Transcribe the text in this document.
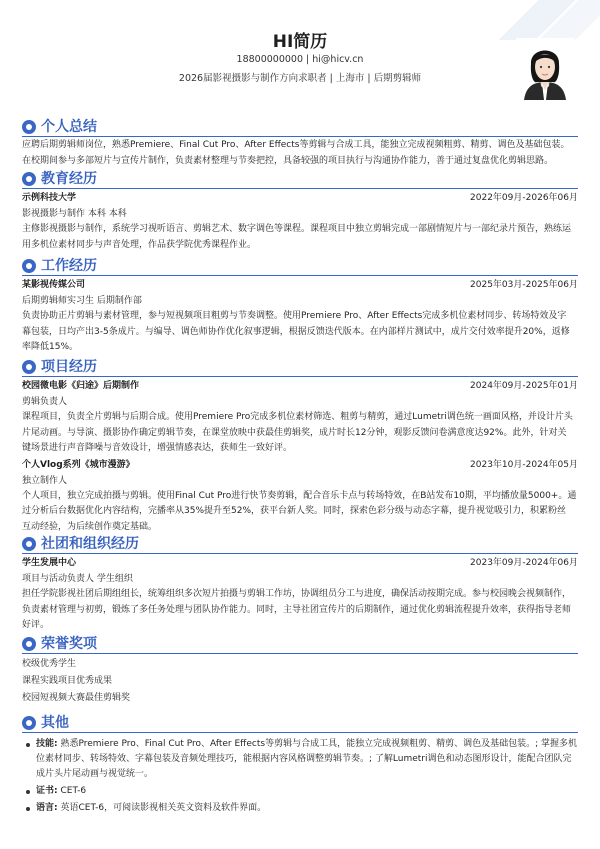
HI简历
18800000000 | hi@hicv.cn
2026届影视摄影与制作方向求职者 | 上海市 | 后期剪辑师
个人总结
应聘后期剪辑师岗位，熟悉Premiere、Final Cut Pro、After Effects等剪辑与合成工具，能独立完成视频粗剪、精剪、调色及基础包装。
在校期间参与多部短片与宣传片制作，负责素材整理与节奏把控，具备较强的项目执行与沟通协作能力，善于通过复盘优化剪辑思路。
教育经历
示例科技大学	2022年09月-2026年06月
影视摄影与制作 本科 本科
主修影视摄影与制作，系统学习视听语言、剪辑艺术、数字调色等课程。课程项目中独立剪辑完成一部剧情短片与一部纪录片预告，熟练运
用多机位素材同步与声音处理，作品获学院优秀课程作业。
工作经历
某影视传媒公司	2025年03月-2025年06月
后期剪辑师实习生 后期制作部
负责协助正片剪辑与素材管理，参与短视频项目粗剪与节奏调整。使用Premiere Pro、After Effects完成多机位素材同步、转场特效及字
幕包装，日均产出3-5条成片。与编导、调色师协作优化叙事逻辑，根据反馈迭代版本。在内部样片测试中，成片交付效率提升20%，返修
率降低15%。
项目经历
校园微电影《归途》后期制作	2024年09月-2025年01月
剪辑负责人
课程项目，负责全片剪辑与后期合成。使用Premiere Pro完成多机位素材筛选、粗剪与精剪，通过Lumetri调色统一画面风格，并设计片头
片尾动画。与导演、摄影协作确定剪辑节奏，在课堂放映中获最佳剪辑奖，成片时长12分钟，观影反馈问卷满意度达92%。此外，针对关
键场景进行声音降噪与音效设计，增强情感表达，获师生一致好评。
个人Vlog系列《城市漫游》	2023年10月-2024年05月
独立制作人
个人项目，独立完成拍摄与剪辑。使用Final Cut Pro进行快节奏剪辑，配合音乐卡点与转场特效，在B站发布10期，平均播放量5000+。通
过分析后台数据优化内容结构，完播率从35%提升至52%，获平台新人奖。同时，探索色彩分级与动态字幕，提升视觉吸引力，积累粉丝
互动经验，为后续创作奠定基础。
社团和组织经历
学生发展中心	2023年09月-2024年06月
项目与活动负责人 学生组织
担任学院影视社团后期组组长，统筹组织多次短片拍摄与剪辑工作坊，协调组员分工与进度，确保活动按期完成。参与校园晚会视频制作，
负责素材管理与初剪，锻炼了多任务处理与团队协作能力。同时，主导社团宣传片的后期制作，通过优化剪辑流程提升效率，获得指导老师
好评。
荣誉奖项
校级优秀学生
课程实践项目优秀成果
校园短视频大赛最佳剪辑奖
其他
技能: 熟悉Premiere Pro、Final Cut Pro、After Effects等剪辑与合成工具，能独立完成视频粗剪、精剪、调色及基础包装。; 掌握多机
位素材同步、转场特效、字幕包装及音频处理技巧，能根据内容风格调整剪辑节奏。; 了解Lumetri调色和动态图形设计，能配合团队完
成片头片尾动画与视觉统一。
证书: CET-6
语言: 英语CET-6，可阅读影视相关英文资料及软件界面。
